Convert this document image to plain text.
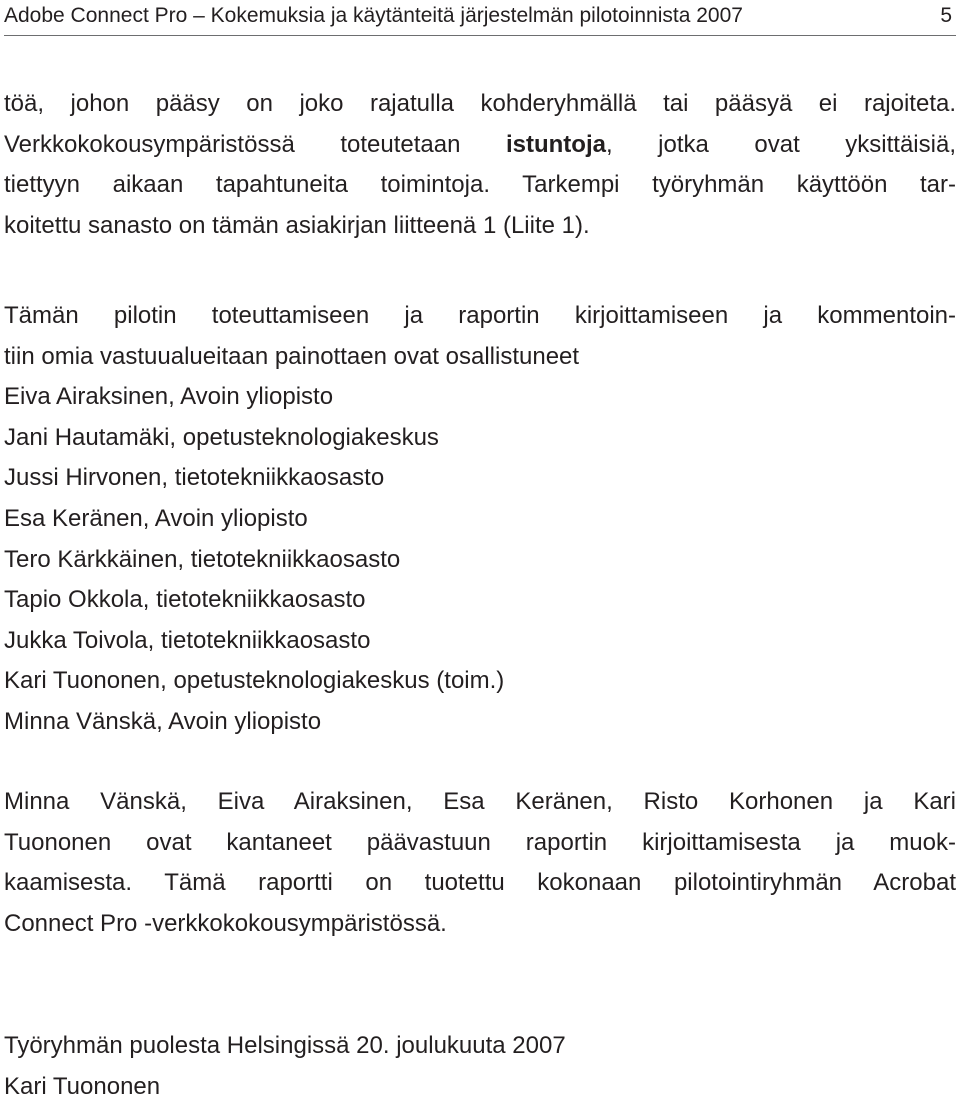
Adobe Connect Pro – Kokemuksia ja käytänteitä järjestelmän pilotoinnista 2007	5
töä, johon pääsy on joko rajatulla kohderyhmällä tai pääsyä ei rajoiteta.
Verkkokokousympäristössä toteutetaan istuntoja, jotka ovat yksittäisiä,
tiettyyn aikaan tapahtuneita toimintoja. Tarkempi työryhmän käyttöön tar-
koitettu sanasto on tämän asiakirjan liitteenä 1 (Liite 1).
Tämän pilotin toteuttamiseen ja raportin kirjoittamiseen ja kommentoin-
tiin omia vastuualueitaan painottaen ovat osallistuneet
Eiva Airaksinen, Avoin yliopisto
Jani Hautamäki, opetusteknologiakeskus
Jussi Hirvonen, tietotekniikkaosasto
Esa Keränen, Avoin yliopisto
Tero Kärkkäinen, tietotekniikkaosasto
Tapio Okkola, tietotekniikkaosasto
Jukka Toivola, tietotekniikkaosasto
Kari Tuononen, opetusteknologiakeskus (toim.)
Minna Vänskä, Avoin yliopisto
Minna Vänskä, Eiva Airaksinen, Esa Keränen, Risto Korhonen ja Kari
Tuononen ovat kantaneet päävastuun raportin kirjoittamisesta ja muok-
kaamisesta. Tämä raportti on tuotettu kokonaan pilotointiryhmän Acrobat
Connect Pro -verkkokokousympäristössä.
Työryhmän puolesta Helsingissä 20. joulukuuta 2007
Kari Tuononen
